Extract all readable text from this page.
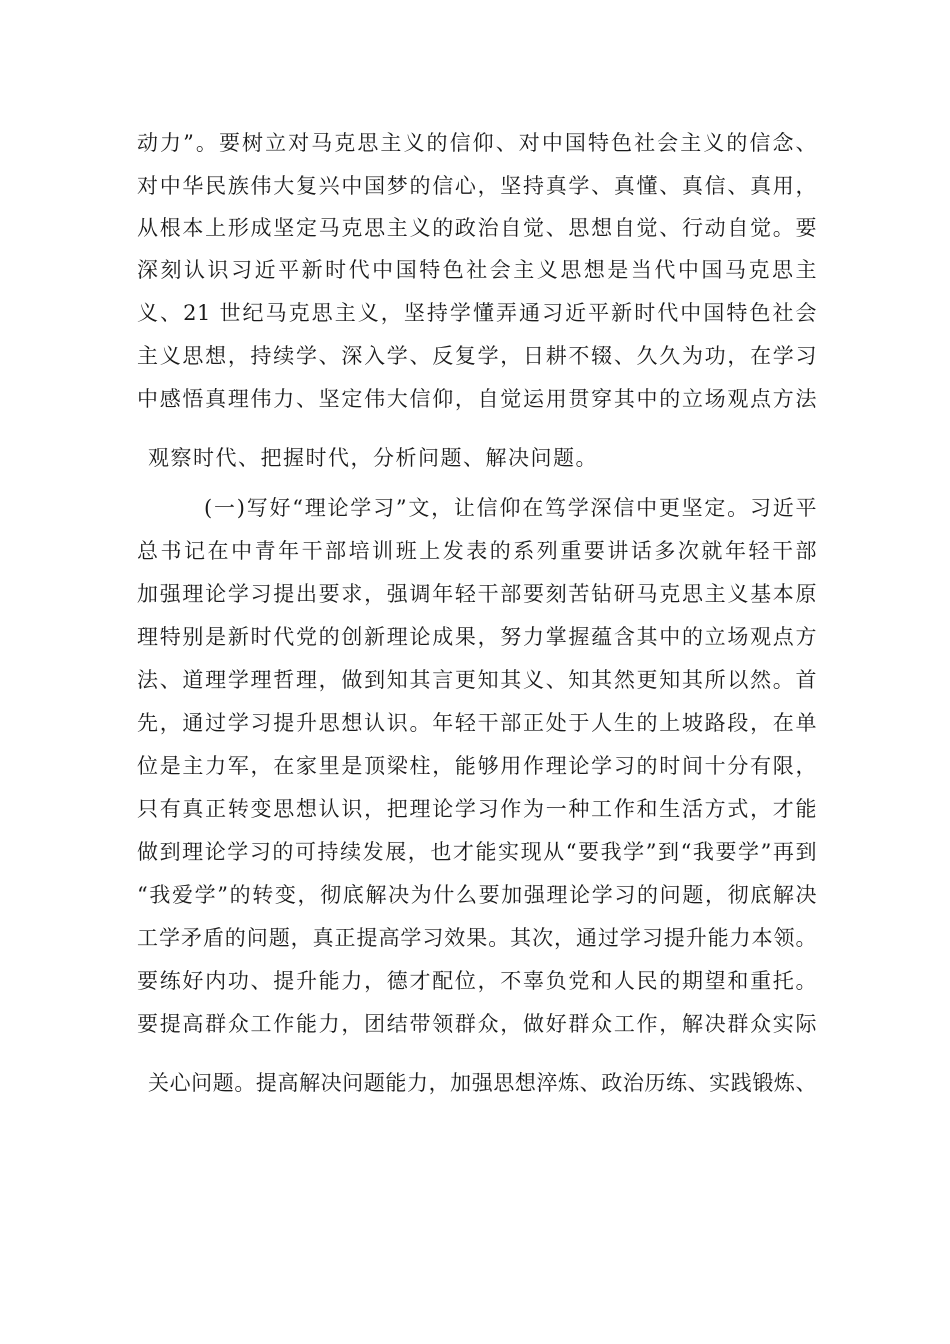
动力”。要树立对马克思主义的信仰、对中国特色社会主义的信念、
对中华民族伟大复兴中国梦的信心，坚持真学、真懂、真信、真用，
从根本上形成坚定马克思主义的政治自觉、思想自觉、行动自觉。要
深刻认识习近平新时代中国特色社会主义思想是当代中国马克思主
义、21 世纪马克思主义，坚持学懂弄通习近平新时代中国特色社会
主义思想，持续学、深入学、反复学，日耕不辍、久久为功，在学习
中感悟真理伟力、坚定伟大信仰，自觉运用贯穿其中的立场观点方法
观察时代、把握时代，分析问题、解决问题。
(一)写好“理论学习”文，让信仰在笃学深信中更坚定。习近平
总书记在中青年干部培训班上发表的系列重要讲话多次就年轻干部
加强理论学习提出要求，强调年轻干部要刻苦钻研马克思主义基本原
理特别是新时代党的创新理论成果，努力掌握蕴含其中的立场观点方
法、道理学理哲理，做到知其言更知其义、知其然更知其所以然。首
先，通过学习提升思想认识。年轻干部正处于人生的上坡路段，在单
位是主力军，在家里是顶梁柱，能够用作理论学习的时间十分有限，
只有真正转变思想认识，把理论学习作为一种工作和生活方式，才能
做到理论学习的可持续发展，也才能实现从“要我学”到“我要学”再到
“我爱学”的转变，彻底解决为什么要加强理论学习的问题，彻底解决
工学矛盾的问题，真正提高学习效果。其次，通过学习提升能力本领。
要练好内功、提升能力，德才配位，不辜负党和人民的期望和重托。
要提高群众工作能力，团结带领群众，做好群众工作，解决群众实际
关心问题。提高解决问题能力，加强思想淬炼、政治历练、实践锻炼、
